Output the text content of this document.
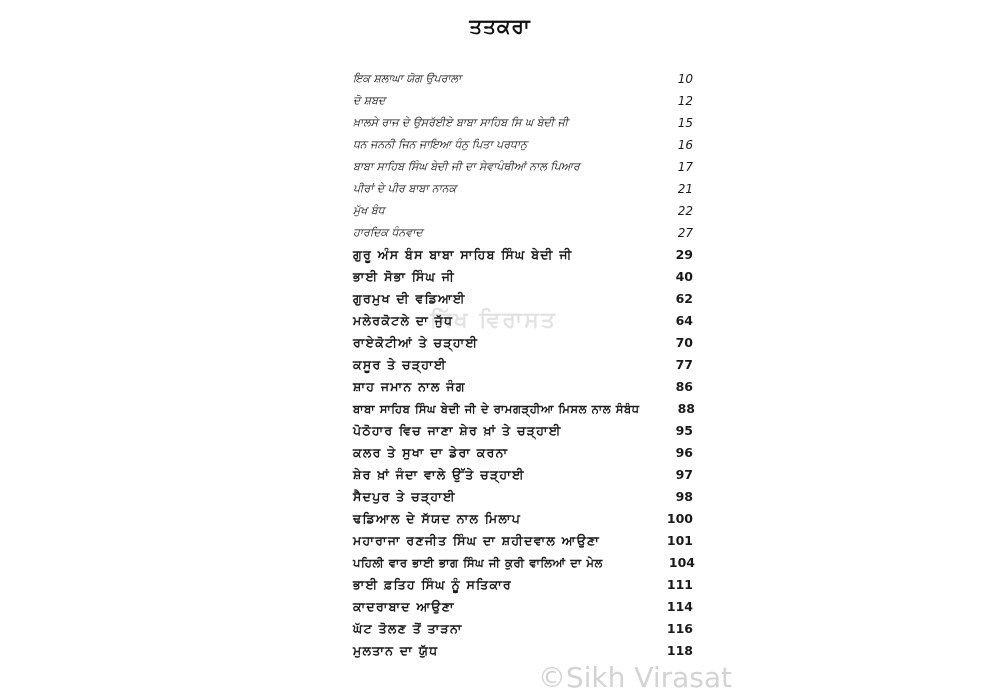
ਤਤਕਰਾ
ਸਿੱਖ ਵਿਰਾਸਤ
ਇਕ ਸ਼ਲਾਘਾ ਯੋਗ ਉਪਰਾਲਾ	10
ਦੋ ਸ਼ਬਦ	12
ਖ਼ਾਲਸੇ ਰਾਜ ਦੇ ਉਸਰੱਈਏ ਬਾਬਾ ਸਾਹਿਬ ਸਿ ਘ ਬੇਦੀ ਜੀ	15
ਧਨ ਜਨਨੀ ਜਿਨ ਜਾਇਆ ਧੰਨੁ ਪਿਤਾ ਪਰਧਾਨੁ	16
ਬਾਬਾ ਸਾਹਿਬ ਸਿੰਘ ਬੇਦੀ ਜੀ ਦਾ ਸੇਵਾਪੰਥੀਆਂ ਨਾਲ ਪਿਆਰ	17
ਪੀਰਾਂ ਦੇ ਪੀਰ ਬਾਬਾ ਨਾਨਕ	21
ਮੁੱਖ ਬੰਧ	22
ਹਾਰਦਿਕ ਧੰਨਵਾਦ	27
ਗੁਰੂ ਅੰਸ ਬੰਸ ਬਾਬਾ ਸਾਹਿਬ ਸਿੰਘ ਬੇਦੀ ਜੀ	29
ਭਾਈ ਸੋਭਾ ਸਿੰਘ ਜੀ	40
ਗੁਰਮੁਖ ਦੀ ਵਡਿਆਈ	62
ਮਲੇਰਕੋਟਲੇ ਦਾ ਜੁੱਧ	64
ਰਾਏਕੋਟੀਆਂ ਤੇ ਚੜ੍ਹਾਈ	70
ਕਸੂਰ ਤੇ ਚੜ੍ਹਾਈ	77
ਸ਼ਾਹ ਜਮਾਨ ਨਾਲ ਜੰਗ	86
ਬਾਬਾ ਸਾਹਿਬ ਸਿੰਘ ਬੇਦੀ ਜੀ ਦੇ ਰਾਮਗੜ੍ਹੀਆ ਮਿਸਲ ਨਾਲ ਸੰਬੰਧ	88
ਪੋਠੋਹਾਰ ਵਿਚ ਜਾਣਾ ਸ਼ੇਰ ਖ਼ਾਂ ਤੇ ਚੜ੍ਹਾਈ	95
ਕਲਰ ਤੇ ਸੁਖਾ ਦਾ ਡੇਰਾ ਕਰਨਾ	96
ਸ਼ੇਰ ਖ਼ਾਂ ਜੰਦਾ ਵਾਲੇ ਉੱਤੇ ਚੜ੍ਹਾਈ	97
ਸੈਦਪੁਰ ਤੇ ਚੜ੍ਹਾਈ	98
ਢਡਿਆਲ ਦੇ ਸੱਯਦ ਨਾਲ ਮਿਲਾਪ	100
ਮਹਾਰਾਜਾ ਰਣਜੀਤ ਸਿੰਘ ਦਾ ਸ਼ਹੀਦਵਾਲ ਆਉਣਾ	101
ਪਹਿਲੀ ਵਾਰ ਭਾਈ ਭਾਗ ਸਿੰਘ ਜੀ ਕੁਰੀ ਵਾਲਿਆਂ ਦਾ ਮੇਲ	104
ਭਾਈ ਫ਼ਤਿਹ ਸਿੰਘ ਨੂੰ ਸਤਿਕਾਰ	111
ਕਾਦਰਾਬਾਦ ਆਉਣਾ	114
ਘੱਟ ਤੋਲਣ ਤੋਂ ਤਾੜਨਾ	116
ਮੁਲਤਾਨ ਦਾ ਯੁੱਧ	118
©Sikh Virasat
